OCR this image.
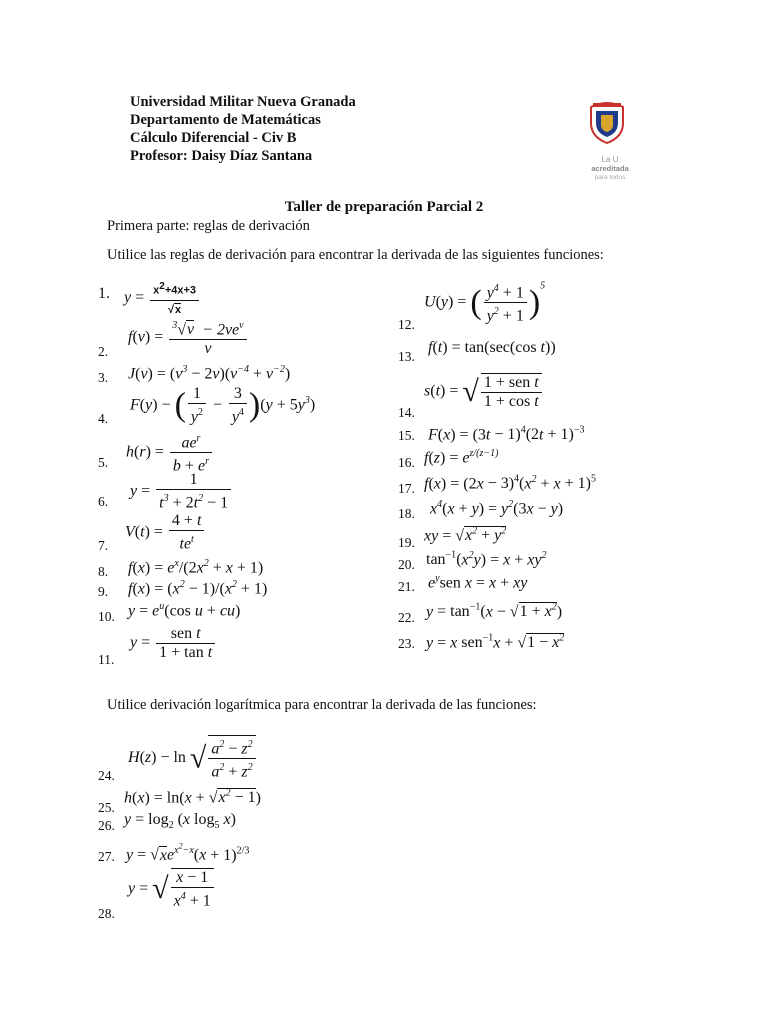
Universidad Militar Nueva Granada
Departamento de Matemáticas
Cálculo Diferencial - Civ B
Profesor: Daisy Díaz Santana	La U
acreditada
para todos
Taller de preparación Parcial 2
Primera parte: reglas de derivación
Utilice las reglas de derivación para encontrar la derivada de las siguientes funciones:
1.
2.
3.
4.
5.
6.
7.
8.
9.
10.
11.
$y = \frac{x^2+4x+3}{√x}$
$f(v) = \frac{^3√v - 2ve^v}{v}$
$J(v) = (v^3 - 2v)(v^{-4} + v^{-2})$
F(y) − ( $\frac{1}{y^2} - \frac{3}{y^4} )(y + 5y^3)$
$h(r) = \frac{ae^r}{b + e^r}$
$y = \frac{1}{t^3 + 2t^2 - 1}$
$V(t) = \frac{4 + t}{te^t}$
$f(x) = e^x/(2x^2 + x + 1)$
$f(x) = (x^2 - 1)/(x^2 + 1)$
$y = e^u(\cos$ u + cu)
$y = \frac{\text{sen t}}{\text{1 + tan t}}$
12.
13.
14.
15.
16.
17.
18.
19.
20.
21.
22.
23.
U(y) = ( $\frac{y^4 + 1}{y^2 + 1} )^5$
f(t) = tan(sec(cos t))
s(t) = √ $\frac{\text{1 + sen t}}{\text{1 + cos t}}$
$F(x) = (3t - 1)^4(2t + 1)^{-3}$
$f(z) = e^{z/(z-1)}$
$f(x) = (2x - 3)^4(x^2 + x + 1)^5$
$x^4(x + y) = y^2(3x - y)$
xy = $√x^2 + y^2$
$\tan^{-1}(x^2y) = x + xy^2$
$e^ysen$ x = x + xy
$y = \tan^{-1}(x - √1 + x^2)$
y = x $sen^{-1}x + √1 - x^2$
Utilice derivación logarítmica para encontrar la derivada de las funciones:
24.
25.
26.
27.
28.
H(z) − ln √ $\frac{a^2 - z^2}{a^2 + z^2}$
$h(x) = \ln(x + √x^2 - 1)$
$y = \log_2 (x$ $\log_5 x$)
$y = √xe^{x^2-x}(x + 1)^{2/3}$
y = √ $\frac{x - 1}{x^4 + 1}$
